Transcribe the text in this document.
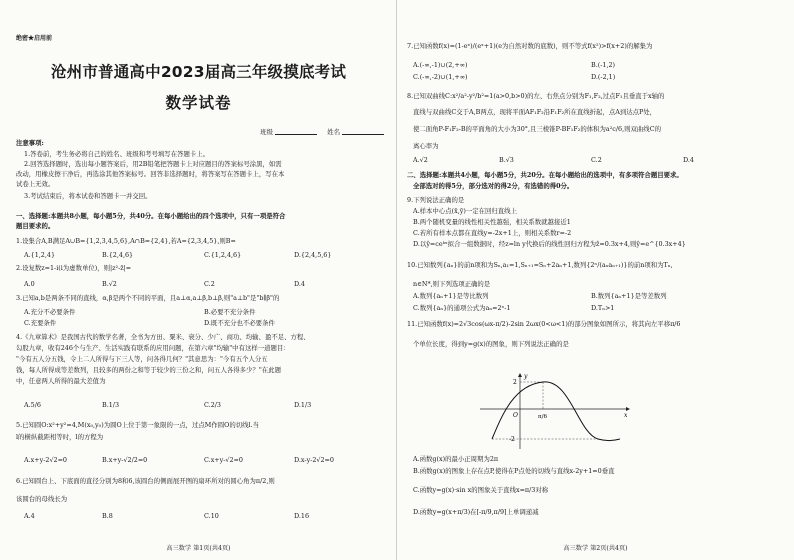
绝密★启用前
沧州市普通高中2023届高三年级摸底考试
数学试卷
班级	姓名
注意事项:
1.答卷前，考生务必将自己的姓名、班级和考号填写在答题卡上。
2.回答选择题时，选出每小题答案后，用2B铅笔把答题卡上对应题目的答案标号涂黑，如需
改动，用橡皮擦干净后，再选涂其他答案标号。回答非选择题时，将答案写在答题卡上，写在本
试卷上无效。
3.考试结束后，将本试卷和答题卡一并交回。
一、选择题:本题共8小题，每小题5分，共40分。在每小题给出的四个选项中，只有一项是符合
题目要求的。
1.设集合A,B满足A∪B={1,2,3,4,5,6},A∩B={2,4},若A={2,3,4,5},则B=
A.{1,2,4}	B.{2,4,6}	C.{1,2,4,6}	D.{2,4,5,6}
2.设复数z=1-i(i为虚数单位)，则|z²-z̄|=
A.0	B.√2	C.2	D.4
3.已知a,b是两条不同的直线，α,β是两个不同的平面，且a⊥α,a⊥β,b⊥β,则"a⊥b"是"b∥β"的
A.充分不必要条件	B.必要不充分条件
C.充要条件	D.既不充分也不必要条件
4.《九章算术》是我国古代的数学名著，全书为方田、粟米、衰分、少广、商功、均输、盈不足、方程、
勾股九章，收有246个与生产、生活实践有联系的应用问题，在第六章"均输"中有这样一道题目：
"今有五人分五钱，令上二人所得与下三人等，问各得几何？"其意思为："今有五个人分五
钱，每人所得成等差数列，且较多的两份之和等于较少的三份之和，问五人各得多少？"在此题
中，任意两人所得的最大差值为
A.5/6	B.1/3	C.2/3	D.1/3
5.已知圆O:x²+y²=4,M(x₀,y₀)为圆O上位于第一象限的一点，过点M作圆O的切线l.当
l的横纵截距相等时，l的方程为
A.x+y-2√2=0	B.x+y-√2/2=0	C.x+y-√2=0	D.x-y-2√2=0
6.已知圆台上、下底面的直径分别为8和6,该圆台的侧面展开图的扇环所对的圆心角为π/2,则
该圆台的母线长为
A.4	B.8	C.10	D.16
高三数学 第1页(共4页)
7.已知函数f(x)=(1-eˣ)/(eˣ+1)(e为自然对数的底数)，则不等式f(x²)>f(x+2)的解集为
A.(-∞,-1)∪(2,+∞)	B.(-1,2)
C.(-∞,-2)∪(1,+∞)	D.(-2,1)
8.已知双曲线C:x²/a²-y²/b²=1(a>0,b>0)的左、右焦点分别为F₁,F₂,过点F₁且垂直于x轴的
直线与双曲线C交于A,B两点，现将平面AF₁F₂沿F₁F₂所在直线折起，点A到达点P处，
使二面角P-F₁F₂-B的平面角的大小为30°,且三棱锥P-BF₁F₂的体积为a²c/6,则双曲线C的
离心率为
A.√2	B.√3	C.2	D.4
二、选择题:本题共4小题，每小题5分，共20分。在每小题给出的选项中，有多项符合题目要求。
全部选对的得5分，部分选对的得2分，有选错的得0分。
9.下列说法正确的是
A.样本中心点(x̄,ȳ)一定在回归直线上
B.两个随机变量的线性相关性越强，相关系数就越接近1
C.若所有样本点都在直线y=-2x+1上，则相关系数r=-2
D.以ŷ=ceᵏˣ拟合一组数据时，经z=ln y代换后的线性回归方程为ẑ=0.3x+4,则ŷ=e^{0.3x+4}
10.已知数列{aₙ}的前n项和为Sₙ,a₁=1,Sₙ₊₁=Sₙ+2aₙ+1,数列{2ⁿ/(aₙaₙ₊₁)}的前n项和为Tₙ,
n∈N*,则下列选项正确的是
A.数列{aₙ+1}是等比数列	B.数列{aₙ+1}是等差数列
C.数列{aₙ}的通项公式为aₙ=2ⁿ-1	D.Tₙ>1
11.已知函数f(x)=2√3cos(ωx-π/2)-2sin 2ωx(0<ω<1)的部分图象如图所示，将其向左平移π/6
个单位长度，得到y=g(x)的图象，则下列说法正确的是
y
x
O
2
-2
π/6
A.函数g(x)的最小正周期为2π
B.函数g(x)的图象上存在点P,使得在P点处的切线与直线x-2y+1=0垂直
C.函数y=g(x)·sin x的图象关于直线x=π/3对称
D.函数y=g(x+π/3)在[-π/9,π/9]上单调递减
高三数学 第2页(共4页)
